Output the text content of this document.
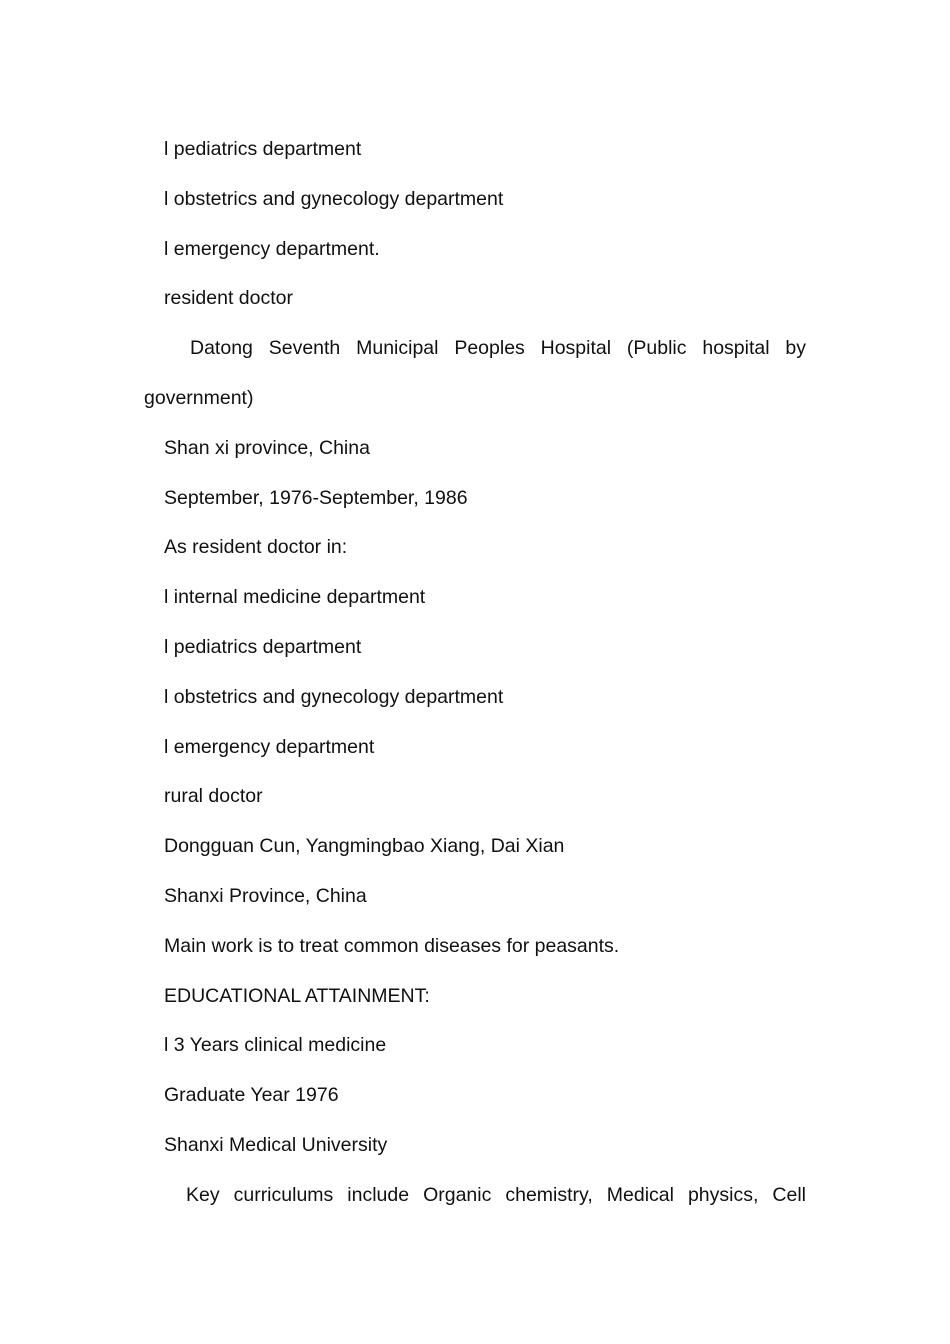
l pediatrics department
l obstetrics and gynecology department
l emergency department.
resident doctor
Datong Seventh Municipal Peoples Hospital (Public hospital by
government)
Shan xi province, China
September, 1976-September, 1986
As resident doctor in:
l internal medicine department
l pediatrics department
l obstetrics and gynecology department
l emergency department
rural doctor
Dongguan Cun, Yangmingbao Xiang, Dai Xian
Shanxi Province, China
Main work is to treat common diseases for peasants.
EDUCATIONAL ATTAINMENT:
l 3 Years clinical medicine
Graduate Year 1976
Shanxi Medical University
Key curriculums include Organic chemistry, Medical physics, Cell
